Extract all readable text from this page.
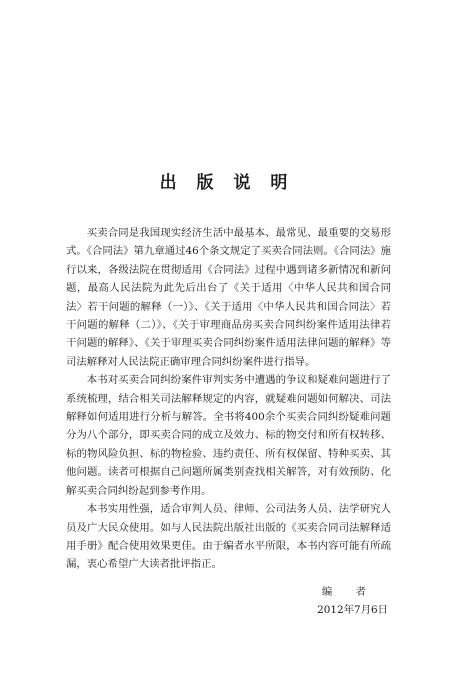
出 版 说 明

买卖合同是我国现实经济生活中最基本、最常见、最重要的交易形式。《合同法》第九章通过46个条文规定了买卖合同法则。《合同法》施行以来，各级法院在贯彻适用《合同法》过程中遇到诸多新情况和新问题，最高人民法院为此先后出台了《关于适用〈中华人民共和国合同法〉若干问题的解释（一）》、《关于适用〈中华人民共和国合同法〉若干问题的解释（二）》、《关于审理商品房买卖合同纠纷案件适用法律若干问题的解释》、《关于审理买卖合同纠纷案件适用法律问题的解释》等司法解释对人民法院正确审理合同纠纷案件进行指导。

本书对买卖合同纠纷案件审判实务中遭遇的争议和疑难问题进行了系统梳理，结合相关司法解释规定的内容，就疑难问题如何解决、司法解释如何适用进行分析与解答。全书将400余个买卖合同纠纷疑难问题分为八个部分，即买卖合同的成立及效力、标的物交付和所有权转移、标的物风险负担、标的物检验、违约责任、所有权保留、特种买卖、其他问题。读者可根据自己问题所属类别查找相关解答，对有效预防、化解买卖合同纠纷起到参考作用。

本书实用性强，适合审判人员、律师、公司法务人员、法学研究人员及广大民众使用。如与人民法院出版社出版的《买卖合同司法解释适用手册》配合使用效果更佳。由于编者水平所限，本书内容可能有所疏漏，衷心希望广大读者批评指正。

编 者
2012年7月6日
